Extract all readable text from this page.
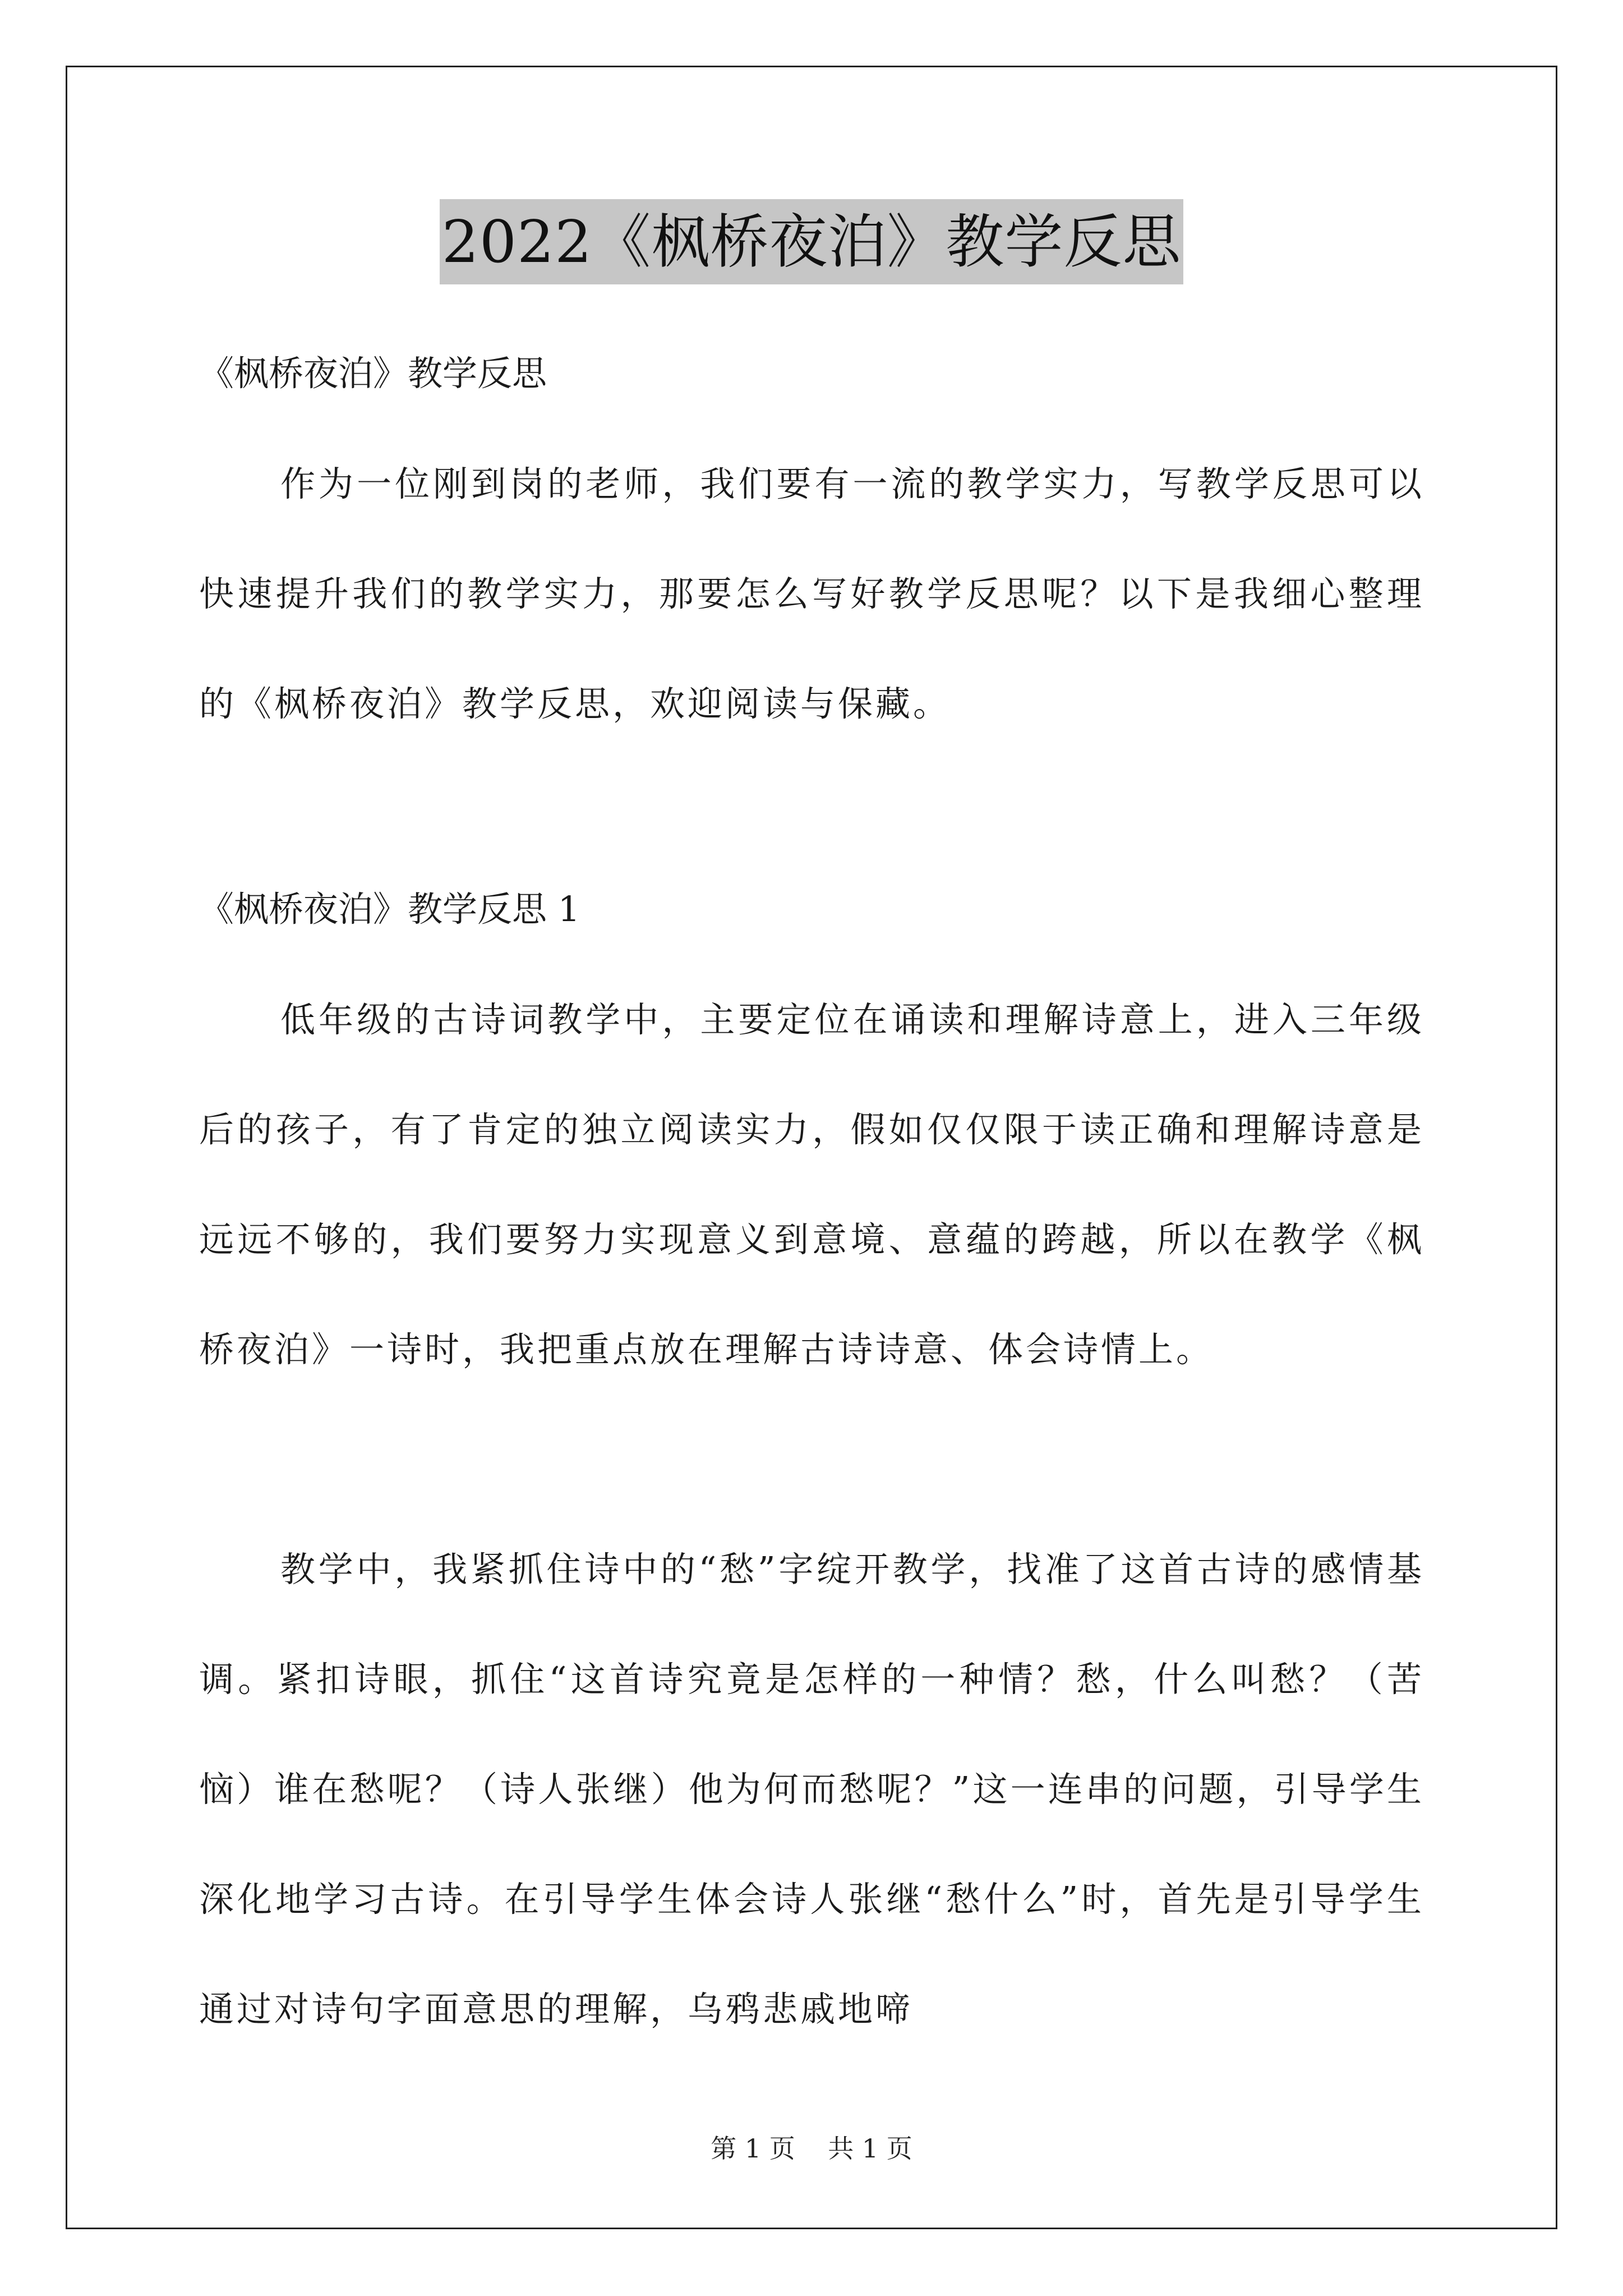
2022《枫桥夜泊》教学反思

《枫桥夜泊》教学反思

作为一位刚到岗的老师，我们要有一流的教学实力，写教学反思可以快速提升我们的教学实力，那要怎么写好教学反思呢？以下是我细心整理的《枫桥夜泊》教学反思，欢迎阅读与保藏。

《枫桥夜泊》教学反思 1

低年级的古诗词教学中，主要定位在诵读和理解诗意上，进入三年级后的孩子，有了肯定的独立阅读实力，假如仅仅限于读正确和理解诗意是远远不够的，我们要努力实现意义到意境、意蕴的跨越，所以在教学《枫桥夜泊》一诗时，我把重点放在理解古诗诗意、体会诗情上。

教学中，我紧抓住诗中的“愁”字绽开教学，找准了这首古诗的感情基调。紧扣诗眼，抓住“这首诗究竟是怎样的一种情？愁，什么叫愁？（苦恼）谁在愁呢？（诗人张继）他为何而愁呢？”这一连串的问题，引导学生深化地学习古诗。在引导学生体会诗人张继“愁什么”时，首先是引导学生通过对诗句字面意思的理解，乌鸦悲戚地啼

第 1 页    共 1 页
